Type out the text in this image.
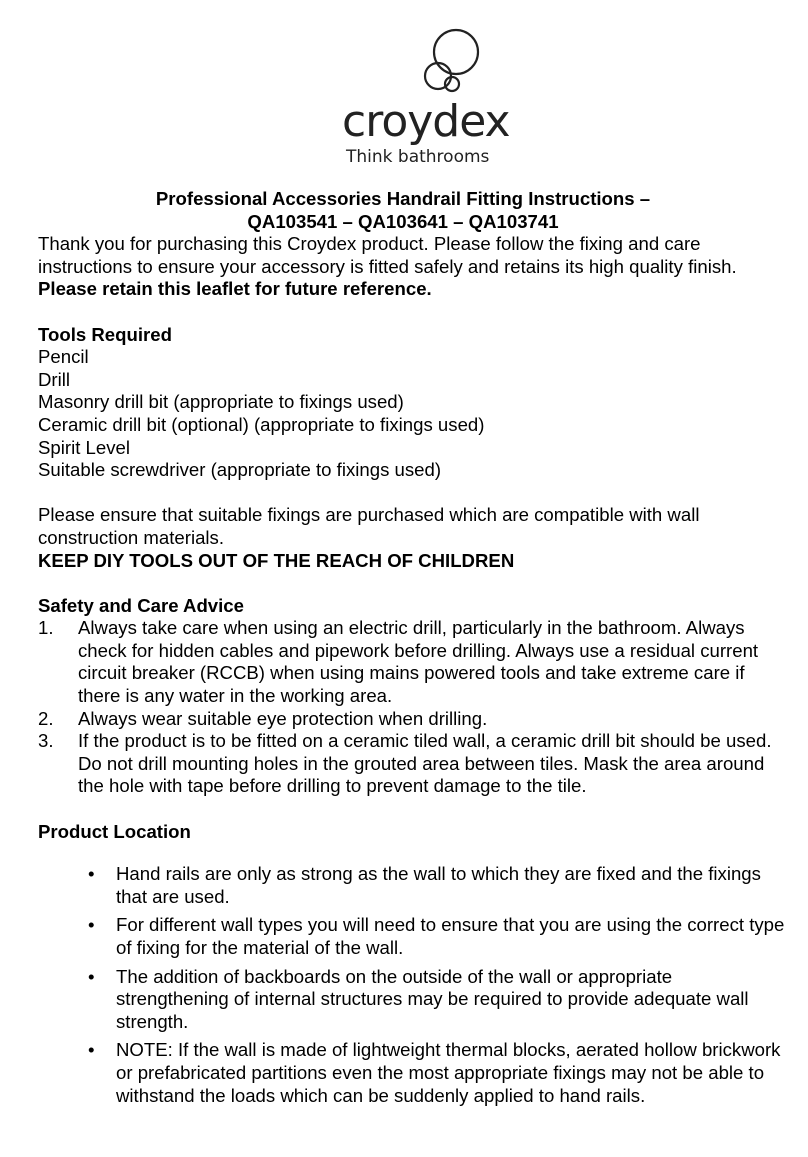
croydex
Think bathrooms
Professional Accessories Handrail Fitting Instructions –
QA103541 – QA103641 – QA103741

Thank you for purchasing this Croydex product. Please follow the fixing and care instructions to ensure your accessory is fitted safely and retains its high quality finish. Please retain this leaflet for future reference.

Tools Required
Pencil
Drill
Masonry drill bit (appropriate to fixings used)
Ceramic drill bit (optional) (appropriate to fixings used)
Spirit Level
Suitable screwdriver (appropriate to fixings used)

Please ensure that suitable fixings are purchased which are compatible with wall construction materials.

KEEP DIY TOOLS OUT OF THE REACH OF CHILDREN
Safety and Care Advice
1. Always take care when using an electric drill, particularly in the bathroom. Always check for hidden cables and pipework before drilling. Always use a residual current circuit breaker (RCCB) when using mains powered tools and take extreme care if there is any water in the working area.
2. Always wear suitable eye protection when drilling.
3. If the product is to be fitted on a ceramic tiled wall, a ceramic drill bit should be used. Do not drill mounting holes in the grouted area between tiles. Mask the area around the hole with tape before drilling to prevent damage to the tile.
Product Location
• Hand rails are only as strong as the wall to which they are fixed and the fixings that are used.
• For different wall types you will need to ensure that you are using the correct type of fixing for the material of the wall.
• The addition of backboards on the outside of the wall or appropriate strengthening of internal structures may be required to provide adequate wall strength.
• NOTE: If the wall is made of lightweight thermal blocks, aerated hollow brickwork or prefabricated partitions even the most appropriate fixings may not be able to withstand the loads which can be suddenly applied to hand rails.
